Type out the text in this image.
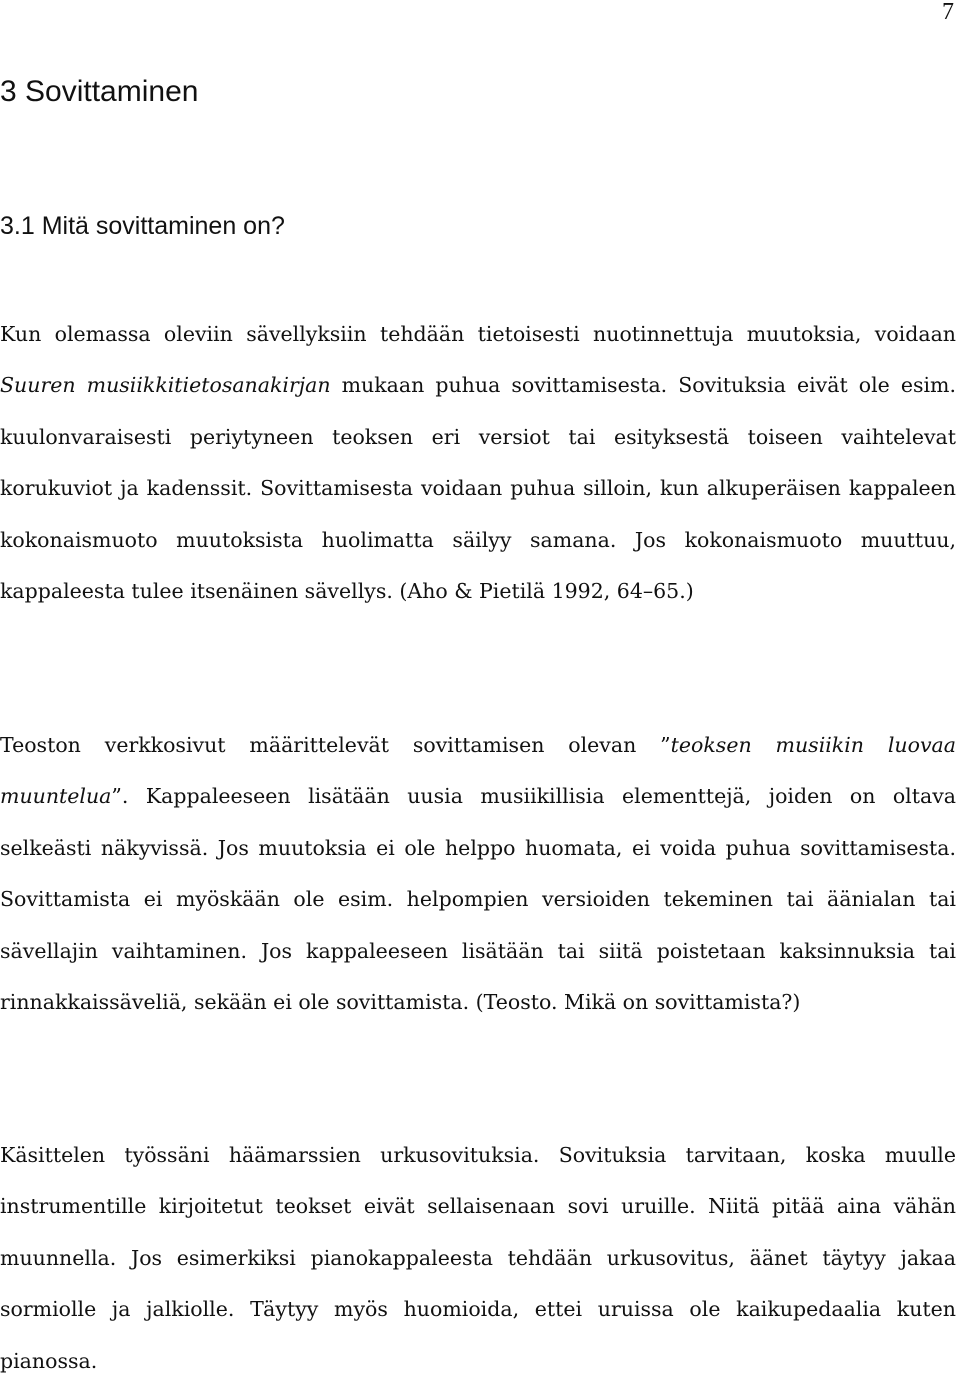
7
3 Sovittaminen
3.1 Mitä sovittaminen on?

Kun olemassa oleviin sävellyksiin tehdään tietoisesti nuotinnettuja muutoksia, voidaan Suuren musiikkitietosanakirjan mukaan puhua sovittamisesta. Sovituksia eivät ole esim. kuulonvaraisesti periytyneen teoksen eri versiot tai esityksestä toiseen vaihtelevat korukuviot ja kadenssit. Sovittamisesta voidaan puhua silloin, kun alkuperäisen kappaleen kokonaismuoto muutoksista huolimatta säilyy samana. Jos kokonaismuoto muuttuu, kappaleesta tulee itsenäinen sävellys. (Aho & Pietilä 1992, 64–65.)

Teoston verkkosivut määrittelevät sovittamisen olevan ”teoksen musiikin luovaa muuntelua”. Kappaleeseen lisätään uusia musiikillisia elementtejä, joiden on oltava selkeästi näkyvissä. Jos muutoksia ei ole helppo huomata, ei voida puhua sovittamisesta. Sovittamista ei myöskään ole esim. helpompien versioiden tekeminen tai äänialan tai sävellajin vaihtaminen. Jos kappaleeseen lisätään tai siitä poistetaan kaksinnuksia tai rinnakkaissäveliä, sekään ei ole sovittamista. (Teosto. Mikä on sovittamista?)

Käsittelen työssäni häämarssien urkusovituksia. Sovituksia tarvitaan, koska muulle instrumentille kirjoitetut teokset eivät sellaisenaan sovi uruille. Niitä pitää aina vähän muunnella. Jos esimerkiksi pianokappaleesta tehdään urkusovitus, äänet täytyy jakaa sormiolle ja jalkiolle. Täytyy myös huomioida, ettei uruissa ole kaikupedaalia kuten pianossa.
